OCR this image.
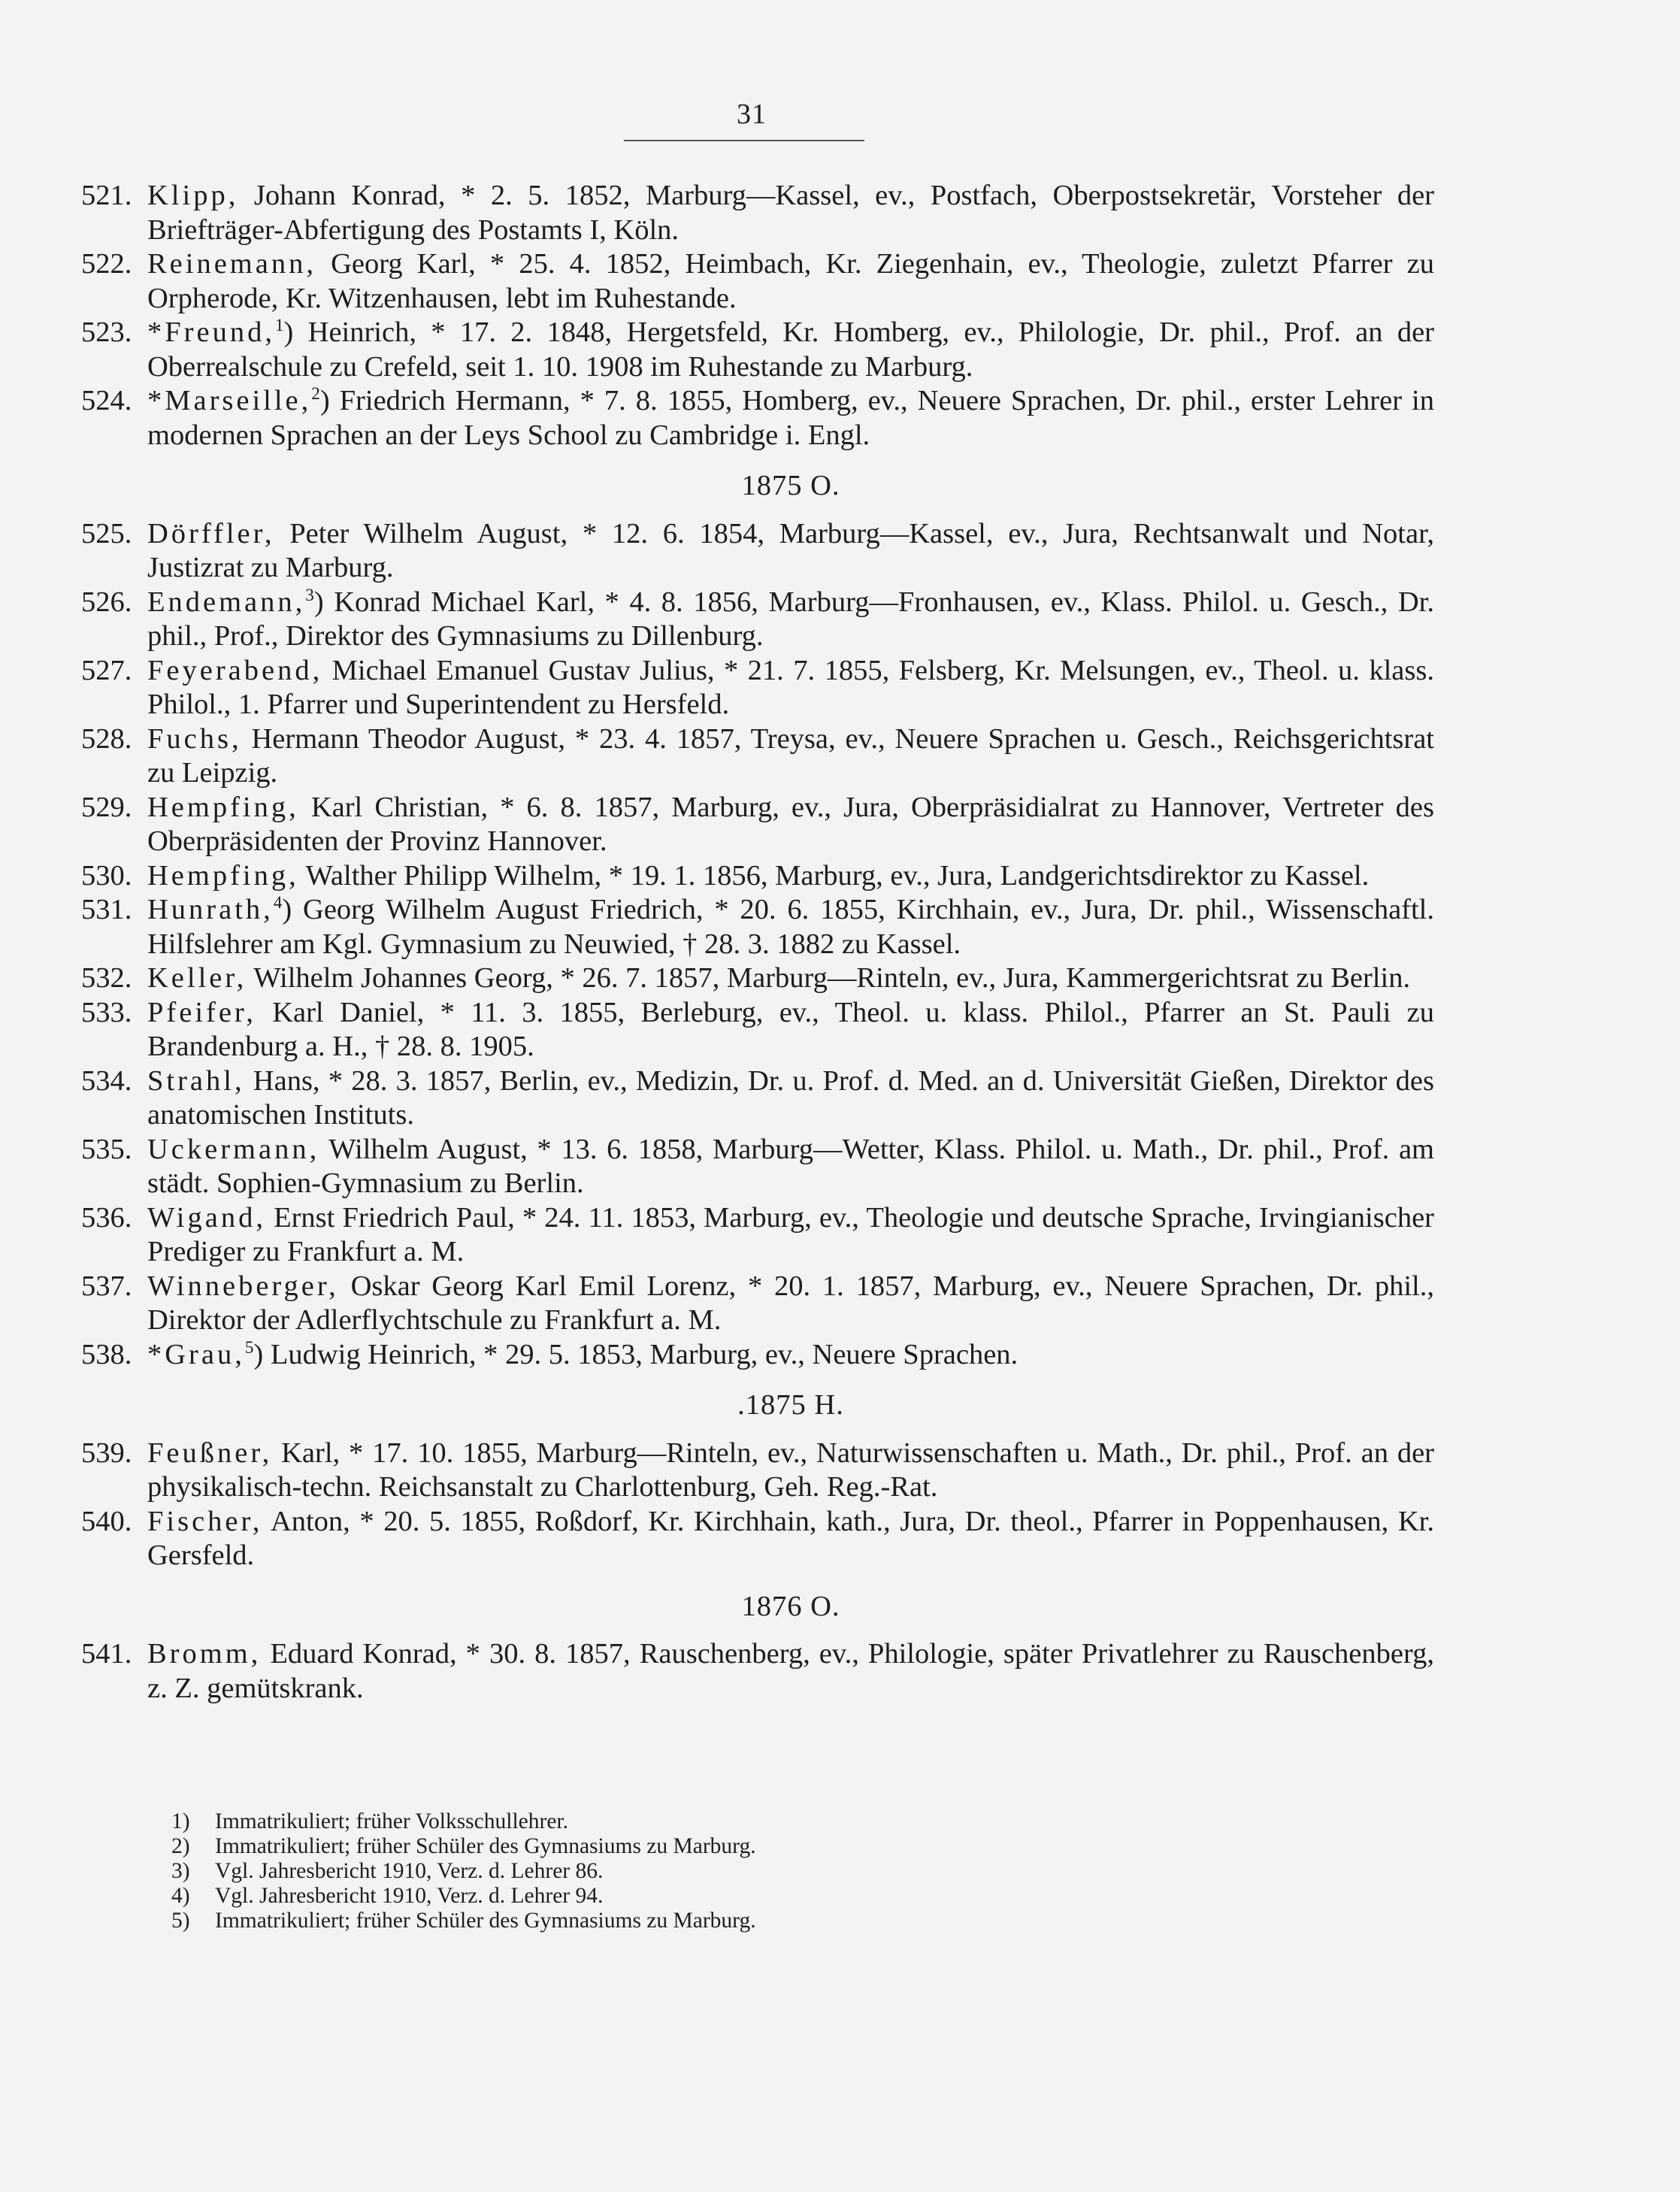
31
521. Klipp, Johann Konrad, * 2. 5. 1852, Marburg—Kassel, ev., Postfach, Oberpostsekretär, Vorsteher der Briefträger-Abfertigung des Postamts I, Köln.
522. Reinemann, Georg Karl, * 25. 4. 1852, Heimbach, Kr. Ziegenhain, ev., Theologie, zuletzt Pfarrer zu Orpherode, Kr. Witzenhausen, lebt im Ruhestande.
523. *Freund,$^1$) Heinrich, * 17. 2. 1848, Hergetsfeld, Kr. Homberg, ev., Philologie, Dr. phil., Prof. an der Oberrealschule zu Crefeld, seit 1. 10. 1908 im Ruhestande zu Marburg.
524. *Marseille,$^2$) Friedrich Hermann, * 7. 8. 1855, Homberg, ev., Neuere Sprachen, Dr. phil., erster Lehrer in modernen Sprachen an der Leys School zu Cambridge i. Engl.
1875 O.
525. Dörffler, Peter Wilhelm August, * 12. 6. 1854, Marburg—Kassel, ev., Jura, Rechtsanwalt und Notar, Justizrat zu Marburg.
526. Endemann,$^3$) Konrad Michael Karl, * 4. 8. 1856, Marburg—Fronhausen, ev., Klass. Philol. u. Gesch., Dr. phil., Prof., Direktor des Gymnasiums zu Dillenburg.
527. Feyerabend, Michael Emanuel Gustav Julius, * 21. 7. 1855, Felsberg, Kr. Melsungen, ev., Theol. u. klass. Philol., 1. Pfarrer und Superintendent zu Hersfeld.
528. Fuchs, Hermann Theodor August, * 23. 4. 1857, Treysa, ev., Neuere Sprachen u. Gesch., Reichsgerichtsrat zu Leipzig.
529. Hempfing, Karl Christian, * 6. 8. 1857, Marburg, ev., Jura, Oberpräsidialrat zu Hannover, Vertreter des Oberpräsidenten der Provinz Hannover.
530. Hempfing, Walther Philipp Wilhelm, * 19. 1. 1856, Marburg, ev., Jura, Landgerichtsdirektor zu Kassel.
531. Hunrath,$^4$) Georg Wilhelm August Friedrich, * 20. 6. 1855, Kirchhain, ev., Jura, Dr. phil., Wissenschaftl. Hilfslehrer am Kgl. Gymnasium zu Neuwied, † 28. 3. 1882 zu Kassel.
532. Keller, Wilhelm Johannes Georg, * 26. 7. 1857, Marburg—Rinteln, ev., Jura, Kammergerichtsrat zu Berlin.
533. Pfeifer, Karl Daniel, * 11. 3. 1855, Berleburg, ev., Theol. u. klass. Philol., Pfarrer an St. Pauli zu Brandenburg a. H., † 28. 8. 1905.
534. Strahl, Hans, * 28. 3. 1857, Berlin, ev., Medizin, Dr. u. Prof. d. Med. an d. Universität Gießen, Direktor des anatomischen Instituts.
535. Uckermann, Wilhelm August, * 13. 6. 1858, Marburg—Wetter, Klass. Philol. u. Math., Dr. phil., Prof. am städt. Sophien-Gymnasium zu Berlin.
536. Wigand, Ernst Friedrich Paul, * 24. 11. 1853, Marburg, ev., Theologie und deutsche Sprache, Irvingianischer Prediger zu Frankfurt a. M.
537. Winneberger, Oskar Georg Karl Emil Lorenz, * 20. 1. 1857, Marburg, ev., Neuere Sprachen, Dr. phil., Direktor der Adlerflychtschule zu Frankfurt a. M.
538. *Grau,$^5$) Ludwig Heinrich, * 29. 5. 1853, Marburg, ev., Neuere Sprachen.
.1875 H.
539. Feußner, Karl, * 17. 10. 1855, Marburg—Rinteln, ev., Naturwissenschaften u. Math., Dr. phil., Prof. an der physikalisch-techn. Reichsanstalt zu Charlottenburg, Geh. Reg.-Rat.
540. Fischer, Anton, * 20. 5. 1855, Roßdorf, Kr. Kirchhain, kath., Jura, Dr. theol., Pfarrer in Poppenhausen, Kr. Gersfeld.
1876 O.
541. Bromm, Eduard Konrad, * 30. 8. 1857, Rauschenberg, ev., Philologie, später Privatlehrer zu Rauschenberg, z. Z. gemütskrank.
1)	Immatrikuliert; früher Volksschullehrer.
2)	Immatrikuliert; früher Schüler des Gymnasiums zu Marburg.
3)	Vgl. Jahresbericht 1910, Verz. d. Lehrer 86.
4)	Vgl. Jahresbericht 1910, Verz. d. Lehrer 94.
5)	Immatrikuliert; früher Schüler des Gymnasiums zu Marburg.
